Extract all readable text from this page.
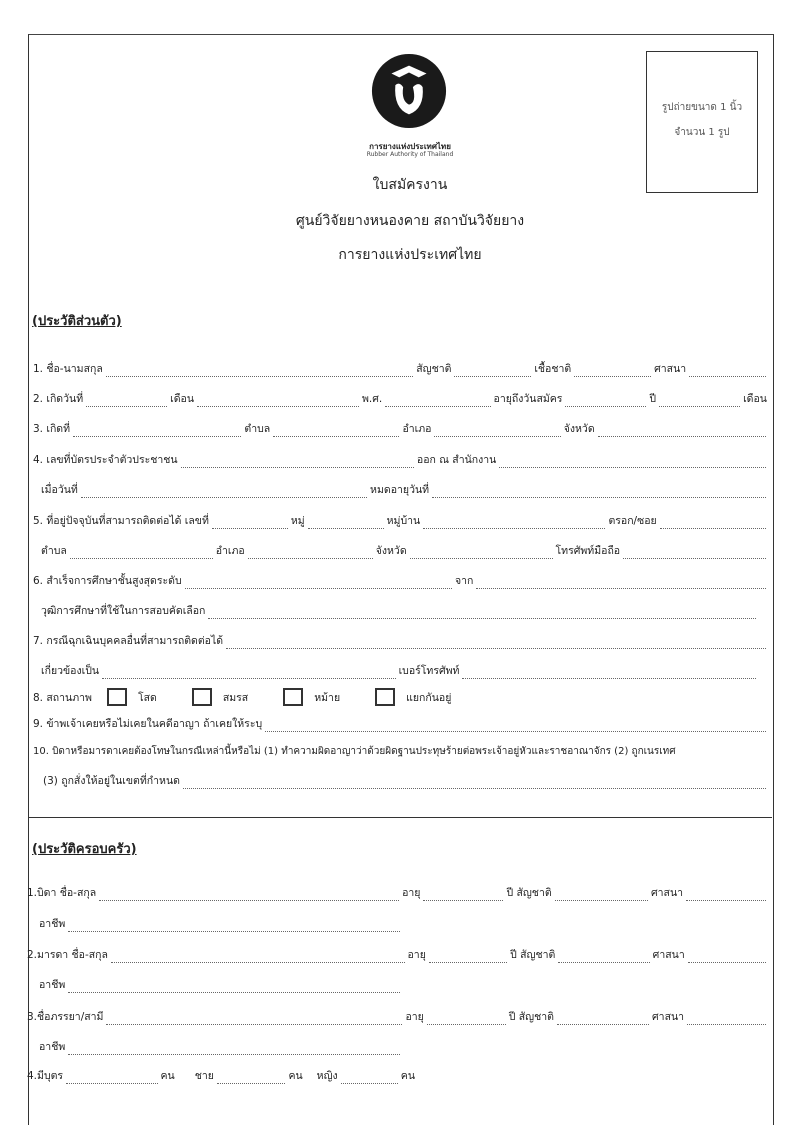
การยางแห่งประเทศไทย
Rubber Authority of Thailand
ใบสมัครงาน
ศูนย์วิจัยยางหนองคาย สถาบันวิจัยยาง
การยางแห่งประเทศไทย
รูปถ่ายขนาด 1 นิ้ว
จำนวน 1 รูป
(ประวัติส่วนตัว)
1. ชื่อ-นามสกุล	สัญชาติ	เชื้อชาติ	ศาสนา
2. เกิดวันที่	เดือน	พ.ศ.	อายุถึงวันสมัคร	ปี	เดือน
3. เกิดที่	ตำบล	อำเภอ	จังหวัด
4. เลขที่บัตรประจำตัวประชาชน	ออก ณ สำนักงาน
เมื่อวันที่	หมดอายุวันที่
5. ที่อยู่ปัจจุบันที่สามารถติดต่อได้ เลขที่	หมู่	หมู่บ้าน	ตรอก/ซอย
ตำบล	อำเภอ	จังหวัด	โทรศัพท์มือถือ
6. สำเร็จการศึกษาชั้นสูงสุดระดับ	จาก
วุฒิการศึกษาที่ใช้ในการสอบคัดเลือก
7. กรณีฉุกเฉินบุคคลอื่นที่สามารถติดต่อได้
เกี่ยวข้องเป็น	เบอร์โทรศัพท์
8. สถานภาพ	โสด	สมรส	หม้าย	แยกกันอยู่
9. ข้าพเจ้าเคยหรือไม่เคยในคดีอาญา ถ้าเคยให้ระบุ
10. บิดาหรือมารดาเคยต้องโทษในกรณีเหล่านี้หรือไม่ (1) ทำความผิดอาญาว่าด้วยผิดฐานประทุษร้ายต่อพระเจ้าอยู่หัวและราชอาณาจักร (2) ถูกเนรเทศ
(3) ถูกสั่งให้อยู่ในเขตที่กำหนด
(ประวัติครอบครัว)
1.บิดา ชื่อ-สกุล	อายุ	ปี สัญชาติ	ศาสนา
อาชีพ
2.มารดา ชื่อ-สกุล	อายุ	ปี สัญชาติ	ศาสนา
อาชีพ
3.ชื่อภรรยา/สามี	อายุ	ปี สัญชาติ	ศาสนา
อาชีพ
4.มีบุตร	คน ชาย	คน หญิง	คน
